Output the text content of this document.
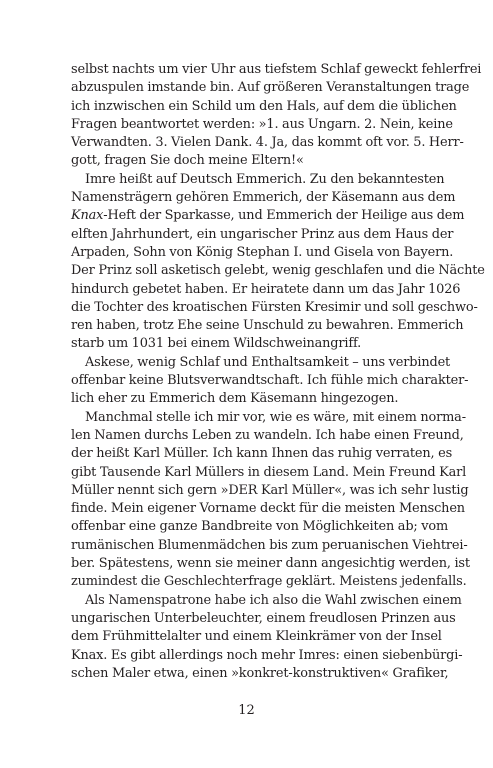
selbst nachts um vier Uhr aus tiefstem Schlaf geweckt fehlerfrei
abzuspulen imstande bin. Auf größeren Veranstaltungen trage
ich inzwischen ein Schild um den Hals, auf dem die üblichen
Fragen beantwortet werden: »1. aus Ungarn. 2. Nein, keine
Verwandten. 3. Vielen Dank. 4. Ja, das kommt oft vor. 5. Herr-
gott, fragen Sie doch meine Eltern!«
Imre heißt auf Deutsch Emmerich. Zu den bekanntesten
Namensträgern gehören Emmerich, der Käsemann aus dem
Knax-Heft der Sparkasse, und Emmerich der Heilige aus dem
elften Jahrhundert, ein ungarischer Prinz aus dem Haus der
Arpaden, Sohn von König Stephan I. und Gisela von Bayern.
Der Prinz soll asketisch gelebt, wenig geschlafen und die Nächte
hindurch gebetet haben. Er heiratete dann um das Jahr 1026
die Tochter des kroatischen Fürsten Kresimir und soll geschwo-
ren haben, trotz Ehe seine Unschuld zu bewahren. Emmerich
starb um 1031 bei einem Wildschweinangriff.
Askese, wenig Schlaf und Enthaltsamkeit – uns verbindet
offenbar keine Blutsverwandtschaft. Ich fühle mich charakter-
lich eher zu Emmerich dem Käsemann hingezogen.
Manchmal stelle ich mir vor, wie es wäre, mit einem norma-
len Namen durchs Leben zu wandeln. Ich habe einen Freund,
der heißt Karl Müller. Ich kann Ihnen das ruhig verraten, es
gibt Tausende Karl Müllers in diesem Land. Mein Freund Karl
Müller nennt sich gern »DER Karl Müller«, was ich sehr lustig
finde. Mein eigener Vorname deckt für die meisten Menschen
offenbar eine ganze Bandbreite von Möglichkeiten ab; vom
rumänischen Blumenmädchen bis zum peruanischen Viehtrei-
ber. Spätestens, wenn sie meiner dann angesichtig werden, ist
zumindest die Geschlechterfrage geklärt. Meistens jedenfalls.
Als Namenspatrone habe ich also die Wahl zwischen einem
ungarischen Unterbeleuchter, einem freudlosen Prinzen aus
dem Frühmittelalter und einem Kleinkrämer von der Insel
Knax. Es gibt allerdings noch mehr Imres: einen siebenbürgi-
schen Maler etwa, einen »konkret-konstruktiven« Grafiker,
12
